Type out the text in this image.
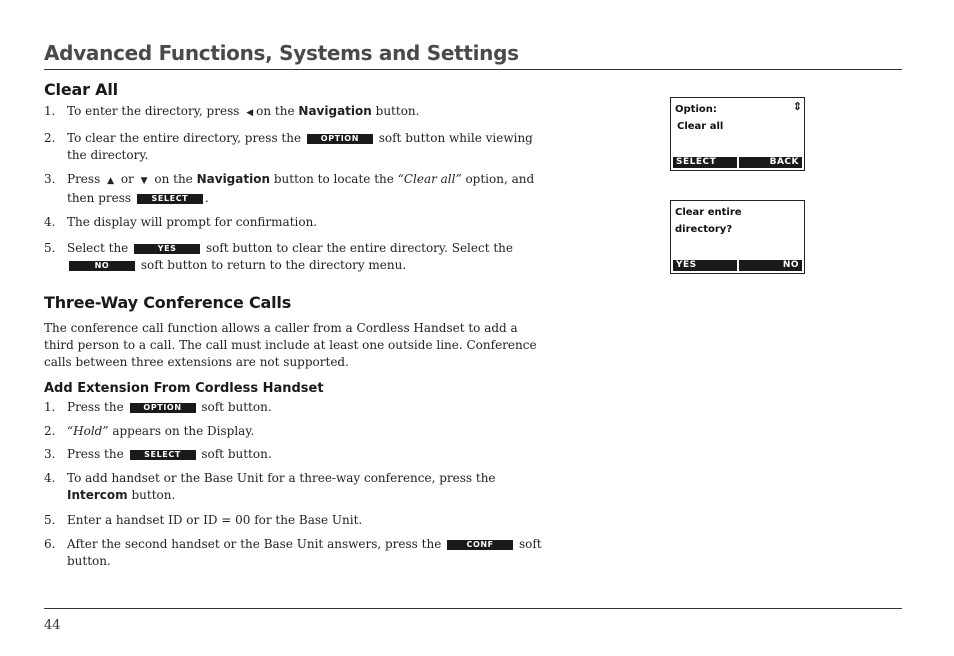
Advanced Functions, Systems and Settings
Clear All
1. To enter the directory, press ◀ on the Navigation button.
2. To clear the entire directory, press the OPTION soft button while viewing the directory.
3. Press ▲ or ▼ on the Navigation button to locate the “Clear all” option, and then press	SELECT .
4. The display will prompt for confirmation.
5. Select the	YES soft button to clear the entire directory. Select the NO	soft button to return to the directory menu.
Three-Way Conference Calls

The conference call function allows a caller from a Cordless Handset to add a third person to a call. The call must include at least one outside line. Conference calls between three extensions are not supported.

Add Extension From Cordless Handset
1. Press the OPTION soft button.
2. “Hold” appears on the Display.
3. Press the	SELECT soft button.
4. To add handset or the Base Unit for a three-way conference, press the Intercom button.
5. Enter a handset ID or ID = 00 for the Base Unit.
6. After the second handset or the Base Unit answers, press the	CONF soft button.
Option:	⇕
Clear all
SELECT	BACK
Clear entire
directory?
YES	NO
44
